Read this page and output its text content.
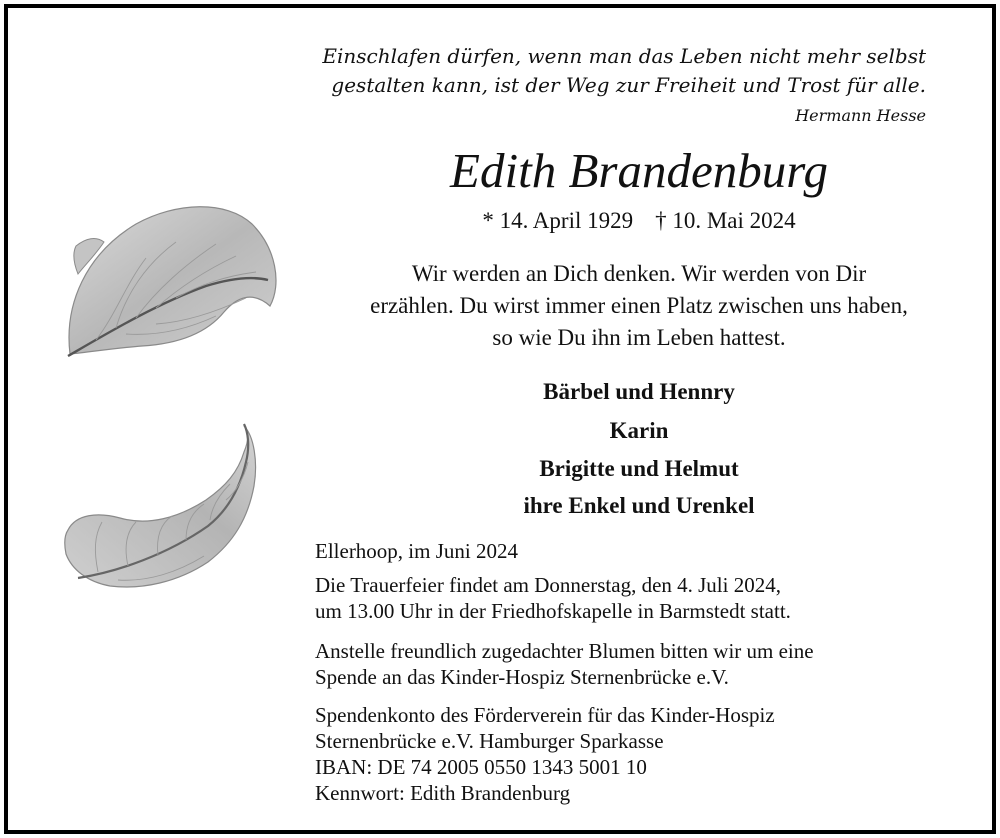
Einschlafen dürfen, wenn man das Leben nicht mehr selbst
gestalten kann, ist der Weg zur Freiheit und Trost für alle.
Hermann Hesse
Edith Brandenburg
* 14. April 1929 † 10. Mai 2024
Wir werden an Dich denken. Wir werden von Dir
erzählen. Du wirst immer einen Platz zwischen uns haben,
so wie Du ihn im Leben hattest.
Bärbel und Hennry
Karin
Brigitte und Helmut
ihre Enkel und Urenkel
Ellerhoop, im Juni 2024
Die Trauerfeier findet am Donnerstag, den 4. Juli 2024,
um 13.00 Uhr in der Friedhofskapelle in Barmstedt statt.
Anstelle freundlich zugedachter Blumen bitten wir um eine
Spende an das Kinder-Hospiz Sternenbrücke e.V.
Spendenkonto des Förderverein für das Kinder-Hospiz
Sternenbrücke e.V. Hamburger Sparkasse
IBAN: DE 74 2005 0550 1343 5001 10
Kennwort: Edith Brandenburg
